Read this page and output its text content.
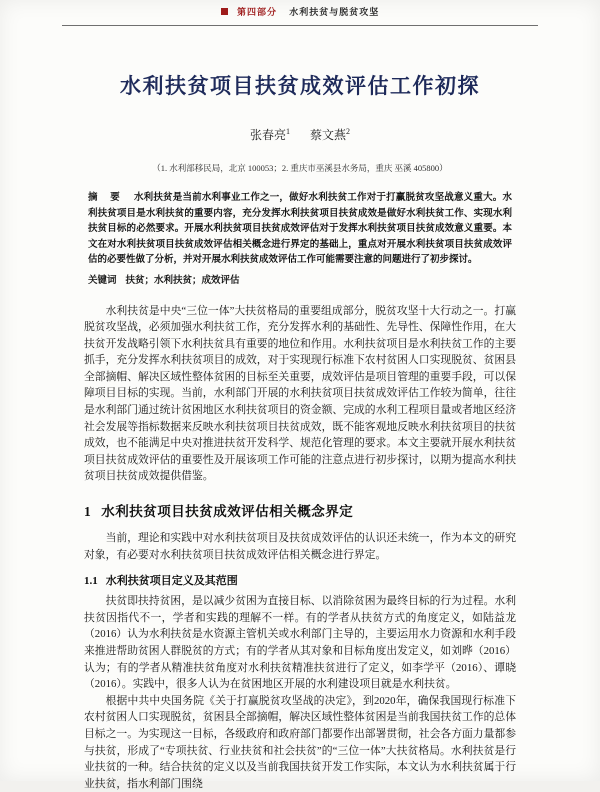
第四部分 水利扶贫与脱贫攻坚
水利扶贫项目扶贫成效评估工作初探
张春亮$^1$ 蔡文燕$^2$
（1. 水利部移民局，北京 100053；2. 重庆市巫溪县水务局，重庆 巫溪 405800）
摘 要 水利扶贫是当前水利事业工作之一，做好水利扶贫工作对于打赢脱贫攻坚战意义重大。水利扶贫项目是水利扶贫的重要内容，充分发挥水利扶贫项目扶贫成效是做好水利扶贫工作、实现水利扶贫目标的必然要求。开展水利扶贫项目扶贫成效评估对于发挥水利扶贫项目扶贫成效意义重要。本文在对水利扶贫项目扶贫成效评估相关概念进行界定的基础上，重点对开展水利扶贫项目扶贫成效评估的必要性做了分析，并对开展水利扶贫成效评估工作可能需要注意的问题进行了初步探讨。
关键词 扶贫；水利扶贫；成效评估

水利扶贫是中央“三位一体”大扶贫格局的重要组成部分，脱贫攻坚十大行动之一。打赢脱贫攻坚战，必须加强水利扶贫工作，充分发挥水利的基础性、先导性、保障性作用，在大扶贫开发战略引领下水利扶贫具有重要的地位和作用。水利扶贫项目是水利扶贫工作的主要抓手，充分发挥水利扶贫项目的成效，对于实现现行标准下农村贫困人口实现脱贫、贫困县全部摘帽、解决区域性整体贫困的目标至关重要，成效评估是项目管理的重要手段，可以保障项目目标的实现。当前，水利部门开展的水利扶贫项目扶贫成效评估工作较为简单，往往是水利部门通过统计贫困地区水利扶贫项目的资金额、完成的水利工程项目量或者地区经济社会发展等指标数据来反映水利扶贫项目扶贫成效，既不能客观地反映水利扶贫项目的扶贫成效，也不能满足中央对推进扶贫开发科学、规范化管理的要求。本文主要就开展水利扶贫项目扶贫成效评估的重要性及开展该项工作可能的注意点进行初步探讨，以期为提高水利扶贫项目扶贫成效提供借鉴。

1 水利扶贫项目扶贫成效评估相关概念界定

当前，理论和实践中对水利扶贫项目及扶贫成效评估的认识还未统一，作为本文的研究对象，有必要对水利扶贫项目扶贫成效评估相关概念进行界定。

1.1 水利扶贫项目定义及其范围

扶贫即扶持贫困，是以减少贫困为直接目标、以消除贫困为最终目标的行为过程。水利扶贫因指代不一，学者和实践的理解不一样。有的学者从扶贫方式的角度定义，如陆益龙（2016）认为水利扶贫是水资源主管机关或水利部门主导的，主要运用水力资源和水利手段来推进帮助贫困人群脱贫的方式；有的学者从其对象和目标角度出发定义，如刘晔（2016）认为；有的学者从精准扶贫角度对水利扶贫精准扶贫进行了定义，如李学平（2016）、谭晓（2016）。实践中，很多人认为在贫困地区开展的水利建设项目就是水利扶贫。

根据中共中央国务院《关于打赢脱贫攻坚战的决定》，到2020年，确保我国现行标准下农村贫困人口实现脱贫，贫困县全部摘帽，解决区域性整体贫困是当前我国扶贫工作的总体目标之一。为实现这一目标，各级政府和政府部门都要作出部署贯彻，社会各方面力量都参与扶贫，形成了“专项扶贫、行业扶贫和社会扶贫”的“三位一体”大扶贫格局。水利扶贫是行业扶贫的一种。结合扶贫的定义以及当前我国扶贫开发工作实际，本文认为水利扶贫属于行业扶贫，指水利部门围绕
